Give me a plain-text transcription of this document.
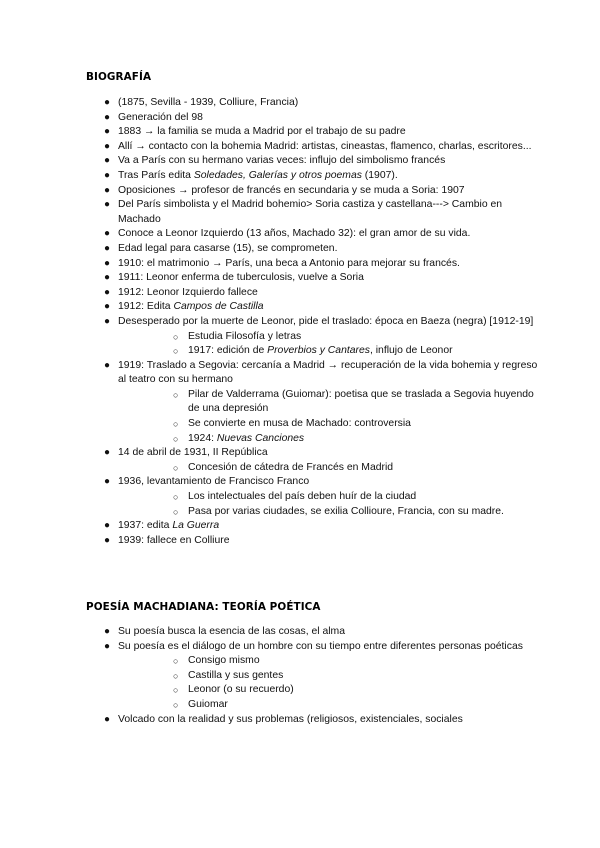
BIOGRAFÍA
● (1875, Sevilla - 1939, Colliure, Francia)
● Generación del 98
● 1883 → la familia se muda a Madrid por el trabajo de su padre
● Allí → contacto con la bohemia Madrid: artistas, cineastas, flamenco, charlas, escritores...
● Va a París con su hermano varias veces: influjo del simbolismo francés
● Tras París edita Soledades, Galerías y otros poemas (1907).
● Oposiciones → profesor de francés en secundaria y se muda a Soria: 1907
● Del París simbolista y el Madrid bohemio> Soria castiza y castellana---> Cambio en Machado
● Conoce a Leonor Izquierdo (13 años, Machado 32): el gran amor de su vida.
● Edad legal para casarse (15), se comprometen.
● 1910: el matrimonio → París, una beca a Antonio para mejorar su francés.
● 1911: Leonor enferma de tuberculosis, vuelve a Soria
● 1912: Leonor Izquierdo fallece
● 1912: Edita Campos de Castilla
● Desesperado por la muerte de Leonor, pide el traslado: época en Baeza (negra) [1912-19]
○ Estudia Filosofía y letras
○ 1917: edición de Proverbios y Cantares, influjo de Leonor
● 1919: Traslado a Segovia: cercanía a Madrid → recuperación de la vida bohemia y regreso al teatro con su hermano
○ Pilar de Valderrama (Guiomar): poetisa que se traslada a Segovia huyendo de una depresión
○ Se convierte en musa de Machado: controversia
○ 1924: Nuevas Canciones
● 14 de abril de 1931, II República
○ Concesión de cátedra de Francés en Madrid
● 1936, levantamiento de Francisco Franco
○ Los intelectuales del país deben huír de la ciudad
○ Pasa por varias ciudades, se exilia Collioure, Francia, con su madre.
● 1937: edita La Guerra
● 1939: fallece en Colliure
POESÍA MACHADIANA: TEORÍA POÉTICA
● Su poesía busca la esencia de las cosas, el alma
● Su poesía es el diálogo de un hombre con su tiempo entre diferentes personas poéticas
○ Consigo mismo
○ Castilla y sus gentes
○ Leonor (o su recuerdo)
○ Guiomar
● Volcado con la realidad y sus problemas (religiosos, existenciales, sociales
